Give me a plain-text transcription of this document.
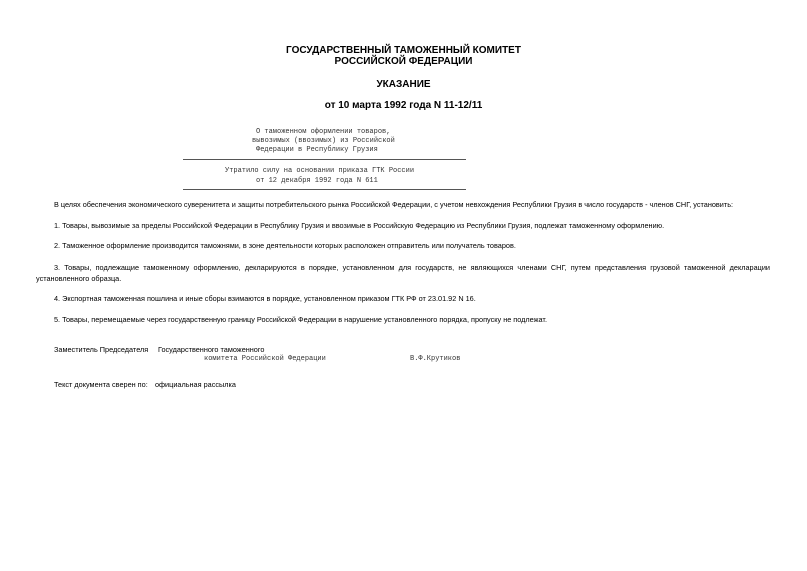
ГОСУДАРСТВЕННЫЙ ТАМОЖЕННЫЙ КОМИТЕТ
РОССИЙСКОЙ ФЕДЕРАЦИИ
УКАЗАНИЕ
от 10 марта 1992 года N 11-12/11
О таможенном оформлении товаров,
вывозимых (ввозимых) из Российской
Федерации в Республику Грузия
Утратило силу на основании приказа ГТК России
от 12 декабря 1992 года N 611
В целях обеспечения экономического суверенитета и защиты потребительского рынка Российской Федерации, с учетом невхождения Республики Грузия в число государств - членов СНГ, установить:
1. Товары, вывозимые за пределы Российской Федерации в Республику Грузия и ввозимые в Российскую Федерацию из Республики Грузия, подлежат таможенному оформлению.
2. Таможенное оформление производится таможнями, в зоне деятельности которых расположен отправитель или получатель товаров.
3. Товары, подлежащие таможенному оформлению, декларируются в порядке, установленном для государств, не являющихся членами СНГ, путем представления грузовой таможенной декларации установленного образца.
4. Экспортная таможенная пошлина и иные сборы взимаются в порядке, установленном приказом ГТК РФ от 23.01.92 N 16.
5. Товары, перемещаемые через государственную границу Российской Федерации в нарушение установленного порядка, пропуску не подлежат.
Заместитель Председателя Государственного таможенного
комитета Российской Федерации	В.Ф.Крутиков
Текст документа сверен по: официальная рассылка
